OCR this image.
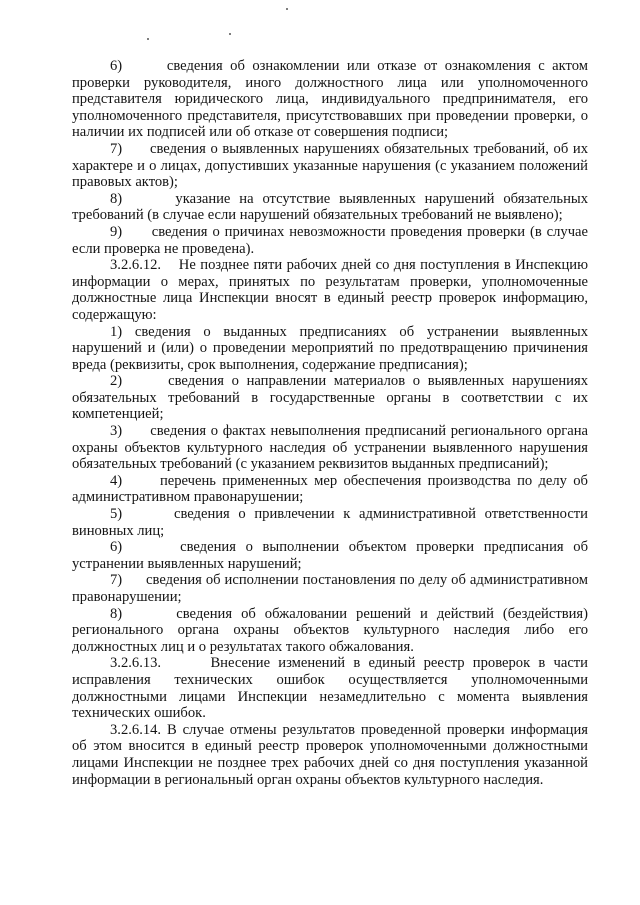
6)      сведения об ознакомлении или отказе от ознакомления с актом проверки руководителя, иного должностного лица или уполномоченного представителя юридического лица, индивидуального предпринимателя, его уполномоченного представителя, присутствовавших при проведении проверки, о наличии их подписей или об отказе от совершения подписи;

7)      сведения о выявленных нарушениях обязательных требований, об их характере и о лицах, допустивших указанные нарушения (с указанием положений правовых актов);

8)      указание на отсутствие выявленных нарушений обязательных требований (в случае если нарушений обязательных требований не выявлено);

9)      сведения о причинах невозможности проведения проверки (в случае если проверка не проведена).

3.2.6.12.    Не позднее пяти рабочих дней со дня поступления в Инспекцию информации о мерах, принятых по результатам проверки, уполномоченные должностные лица Инспекции вносят в единый реестр проверок информацию, содержащую:

1) сведения о выданных предписаниях об устранении выявленных нарушений и (или) о проведении мероприятий по предотвращению причинения вреда (реквизиты, срок выполнения, содержание предписания);

2)      сведения о направлении материалов о выявленных нарушениях обязательных требований в государственные органы в соответствии с их компетенцией;

3)      сведения о фактах невыполнения предписаний регионального органа охраны объектов культурного наследия об устранении выявленного нарушения обязательных требований (с указанием реквизитов выданных предписаний);

4)      перечень примененных мер обеспечения производства по делу об административном правонарушении;

5)      сведения о привлечении к административной ответственности виновных лиц;

6)      сведения о выполнении объектом проверки предписания об устранении выявленных нарушений;

7)      сведения об исполнении постановления по делу об административном правонарушении;

8)      сведения об обжаловании решений и действий (бездействия) регионального органа охраны объектов культурного наследия либо его должностных лиц и о результатах такого обжалования.

3.2.6.13.      Внесение изменений в единый реестр проверок в части исправления технических ошибок осуществляется уполномоченными должностными лицами Инспекции незамедлительно с момента выявления технических ошибок.

3.2.6.14. В случае отмены результатов проведенной проверки информация об этом вносится в единый реестр проверок уполномоченными должностными лицами Инспекции не позднее трех рабочих дней со дня поступления указанной информации в региональный орган охраны объектов культурного наследия.
